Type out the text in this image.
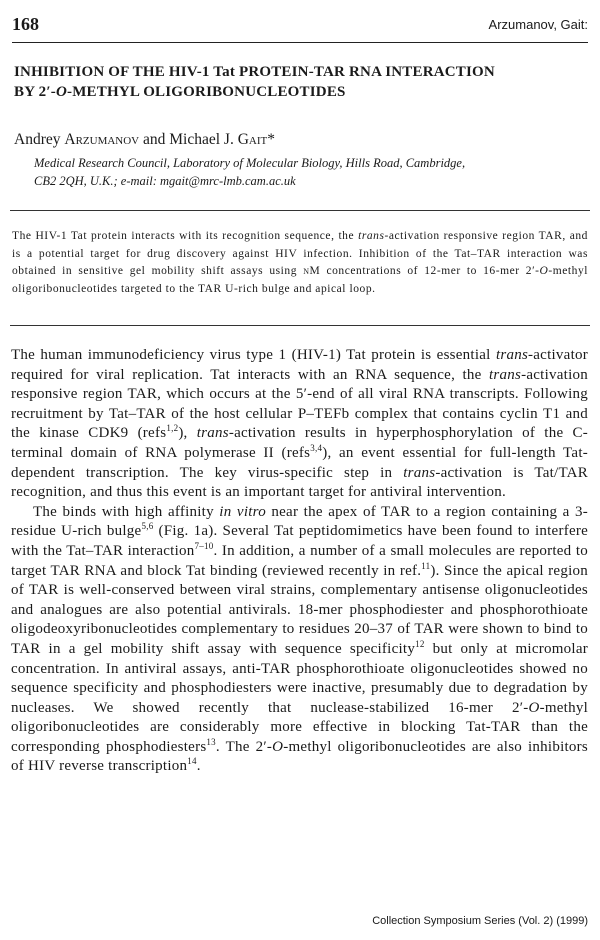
168	Arzumanov, Gait:
INHIBITION OF THE HIV-1 Tat PROTEIN-TAR RNA INTERACTION
BY 2′-O-METHYL OLIGORIBONUCLEOTIDES
Andrey Arzumanov and Michael J. Gait*
Medical Research Council, Laboratory of Molecular Biology, Hills Road, Cambridge,
CB2 2QH, U.K.; e-mail: mgait@mrc-lmb.cam.ac.uk

The HIV-1 Tat protein interacts with its recognition sequence, the trans-activation responsive region TAR, and is a potential target for drug discovery against HIV infection. Inhibition of the Tat–TAR interaction was obtained in sensitive gel mobility shift assays using nM concentrations of 12-mer to 16-mer 2′-O-methyl oligoribonucleotides targeted to the TAR U-rich bulge and apical loop.

The human immunodeficiency virus type 1 (HIV-1) Tat protein is essential trans-activator required for viral replication. Tat interacts with an RNA sequence, the trans-activation responsive region TAR, which occurs at the 5′-end of all viral RNA transcripts. Following recruitment by Tat–TAR of the host cellular P–TEFb complex that contains cyclin T1 and the kinase CDK9 (refs$^{1,2}$), trans-activation results in hyperphosphorylation of the C-terminal domain of RNA polymerase II (refs$^{3,4}$), an event essential for full-length Tat-dependent transcription. The key virus-specific step in trans-activation is Tat/TAR recognition, and thus this event is an important target for antiviral intervention.

The binds with high affinity in vitro near the apex of TAR to a region containing a 3-residue U-rich bulge$^{5,6}$ (Fig. 1a). Several Tat peptidomimetics have been found to interfere with the Tat–TAR interaction$^{7-10}$. In addition, a number of a small molecules are reported to target TAR RNA and block Tat binding (reviewed recently in ref.$^{11}$). Since the apical region of TAR is well-conserved between viral strains, complementary antisense oligonucleotides and analogues are also potential antivirals. 18-mer phosphodiester and phosphorothioate oligodeoxyribonucleotides complementary to residues 20–37 of TAR were shown to bind to TAR in a gel mobility shift assay with sequence specificity$^{12}$ but only at micromolar concentration. In antiviral assays, anti-TAR phosphorothioate oligonucleotides showed no sequence specificity and phosphodiesters were inactive, presumably due to degradation by nucleases. We showed recently that nuclease-stabilized 16-mer 2′-O-methyl oligoribonucleotides are considerably more effective in blocking Tat-TAR than the corresponding phosphodiesters$^{13}$. The 2′-O-methyl oligoribonucleotides are also inhibitors of HIV reverse transcription$^{14}$.

Collection Symposium Series (Vol. 2) (1999)
